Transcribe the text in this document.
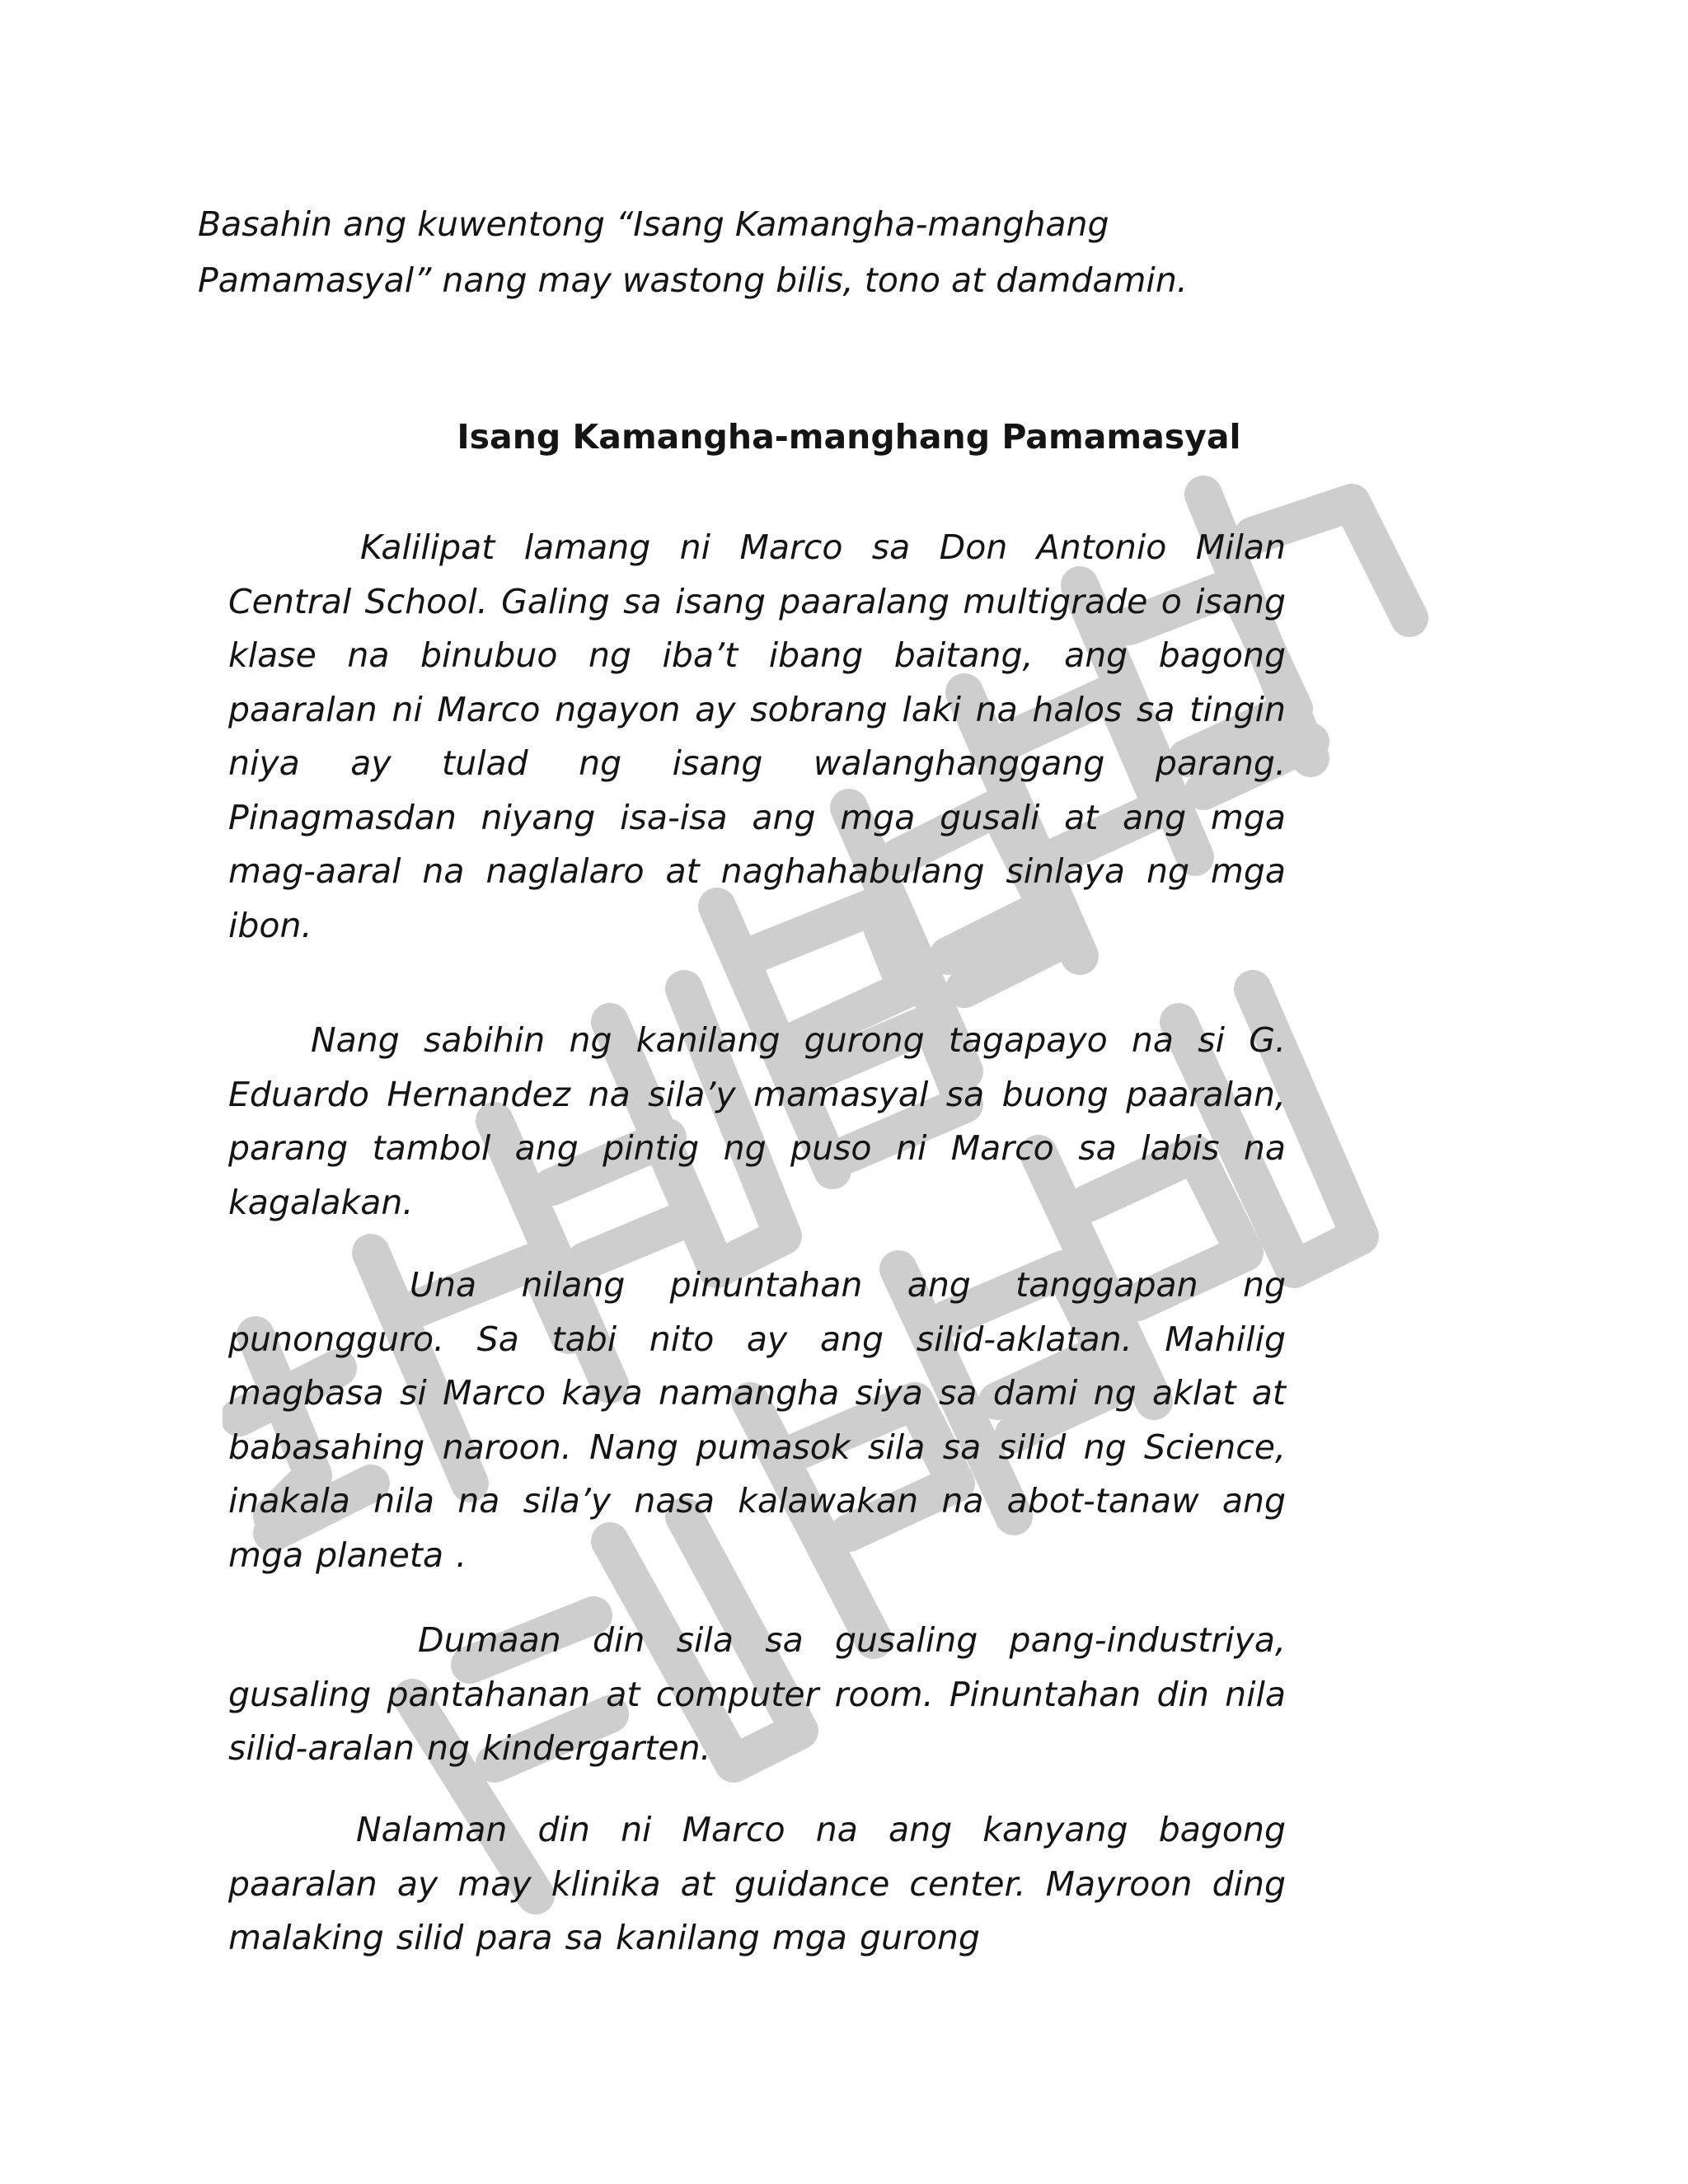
Basahin ang kuwentong “Isang Kamangha-manghang Pamamasyal” nang may wastong bilis, tono at damdamin.

Isang Kamangha-manghang Pamamasyal

Kalilipat lamang ni Marco sa Don Antonio Milan Central School. Galing sa isang paaralang multigrade o isang klase na binubuo ng iba’t ibang baitang, ang bagong paaralan ni Marco ngayon ay sobrang laki na halos sa tingin niya ay tulad ng isang walanghanggang parang. Pinagmasdan niyang isa-isa ang mga gusali at ang mga mag-aaral na naglalaro at naghahabulang sinlaya ng mga ibon.

Nang sabihin ng kanilang gurong tagapayo na si G. Eduardo Hernandez na sila’y mamasyal sa buong paaralan, parang tambol ang pintig ng puso ni Marco sa labis na kagalakan.

Una nilang pinuntahan ang tanggapan ng punongguro. Sa tabi nito ay ang silid-aklatan. Mahilig magbasa si Marco kaya namangha siya sa dami ng aklat at babasahing naroon. Nang pumasok sila sa silid ng Science, inakala nila na sila’y nasa kalawakan na abot-tanaw ang mga planeta .

Dumaan din sila sa gusaling pang-industriya, gusaling pantahanan at computer room. Pinuntahan din nila silid-aralan ng kindergarten.

Nalaman din ni Marco na ang kanyang bagong paaralan ay may klinika at guidance center. Mayroon ding malaking silid para sa kanilang mga gurong
